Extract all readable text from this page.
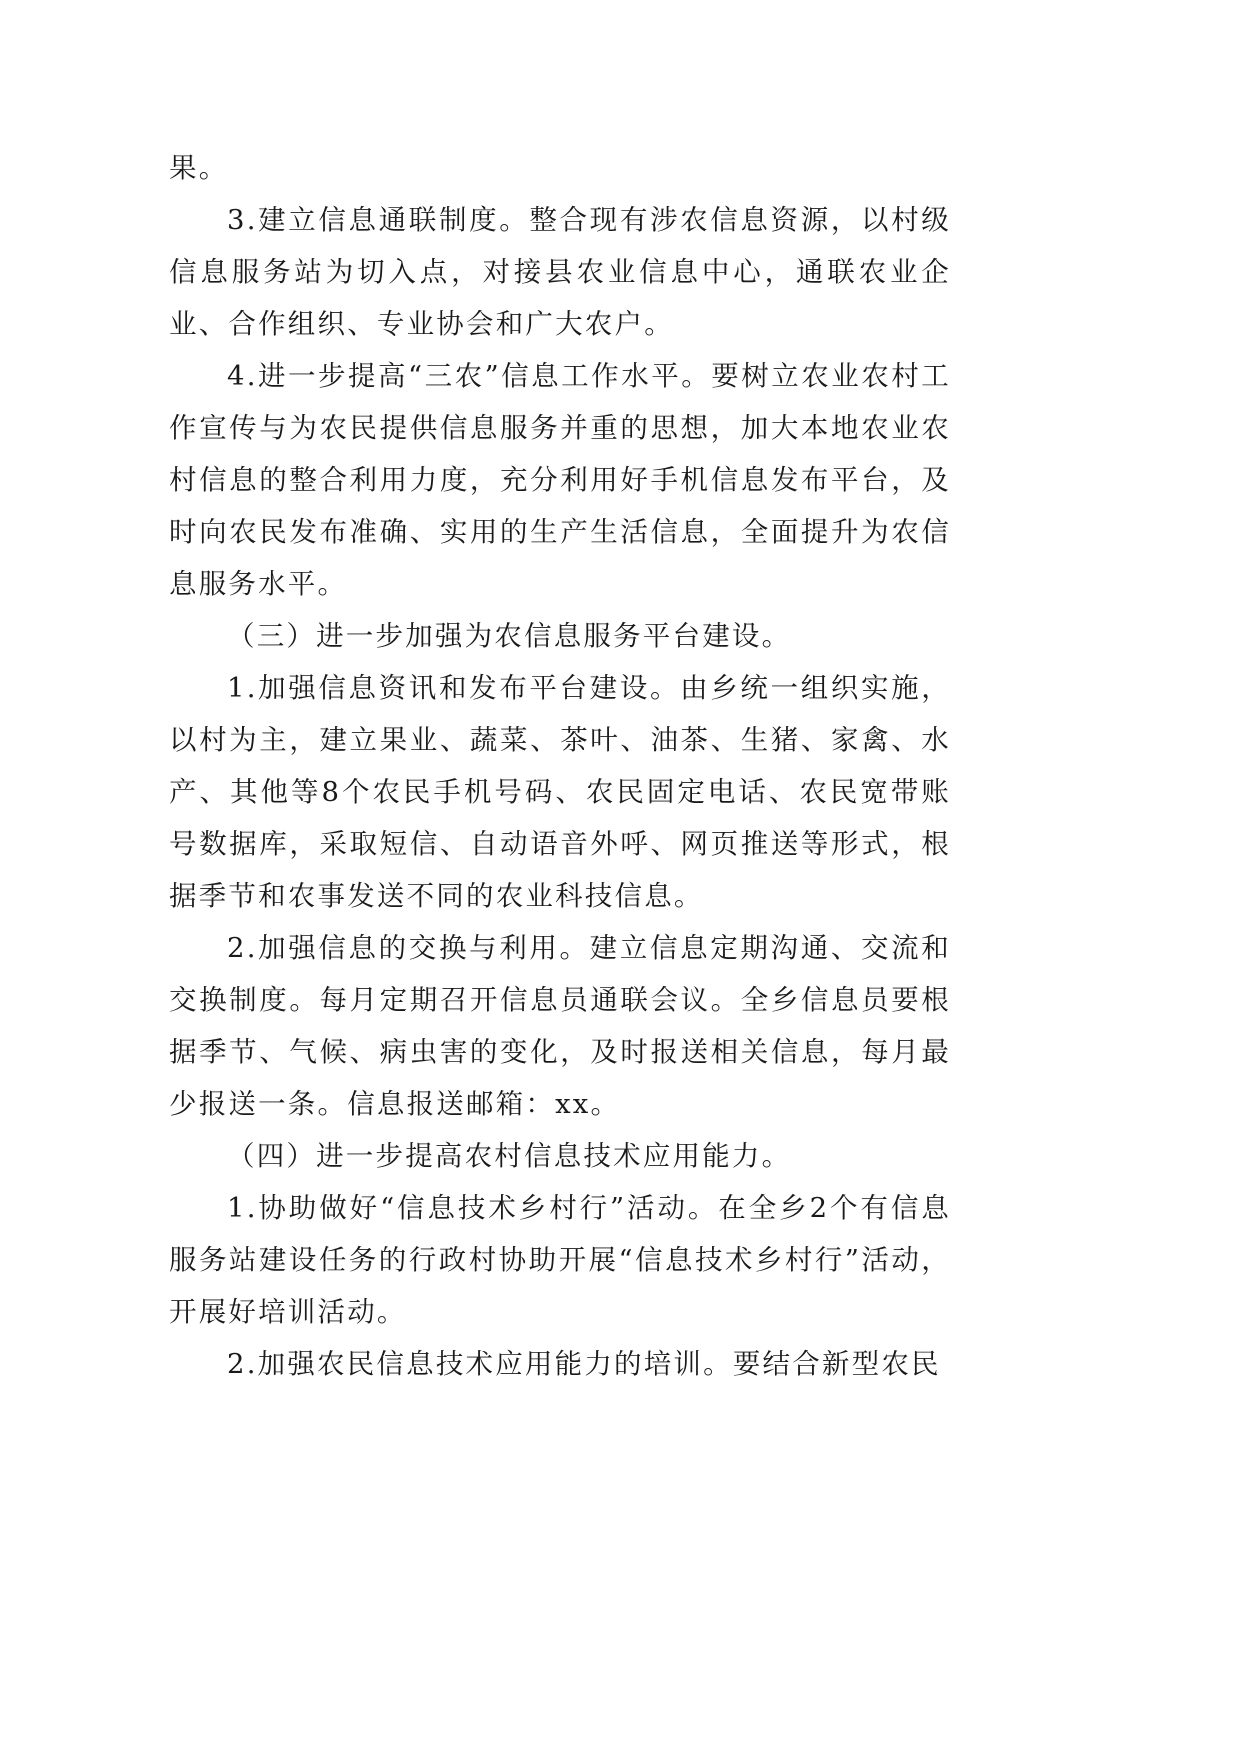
果。

3.建立信息通联制度。整合现有涉农信息资源，以村级信息服务站为切入点，对接县农业信息中心，通联农业企业、合作组织、专业协会和广大农户。

4.进一步提高“三农”信息工作水平。要树立农业农村工作宣传与为农民提供信息服务并重的思想，加大本地农业农村信息的整合利用力度，充分利用好手机信息发布平台，及时向农民发布准确、实用的生产生活信息，全面提升为农信息服务水平。

（三）进一步加强为农信息服务平台建设。

1.加强信息资讯和发布平台建设。由乡统一组织实施，以村为主，建立果业、蔬菜、茶叶、油茶、生猪、家禽、水产、其他等8个农民手机号码、农民固定电话、农民宽带账号数据库，采取短信、自动语音外呼、网页推送等形式，根据季节和农事发送不同的农业科技信息。

2.加强信息的交换与利用。建立信息定期沟通、交流和交换制度。每月定期召开信息员通联会议。全乡信息员要根据季节、气候、病虫害的变化，及时报送相关信息，每月最少报送一条。信息报送邮箱：xx。

（四）进一步提高农村信息技术应用能力。

1.协助做好“信息技术乡村行”活动。在全乡2个有信息服务站建设任务的行政村协助开展“信息技术乡村行”活动，开展好培训活动。

2.加强农民信息技术应用能力的培训。要结合新型农民
